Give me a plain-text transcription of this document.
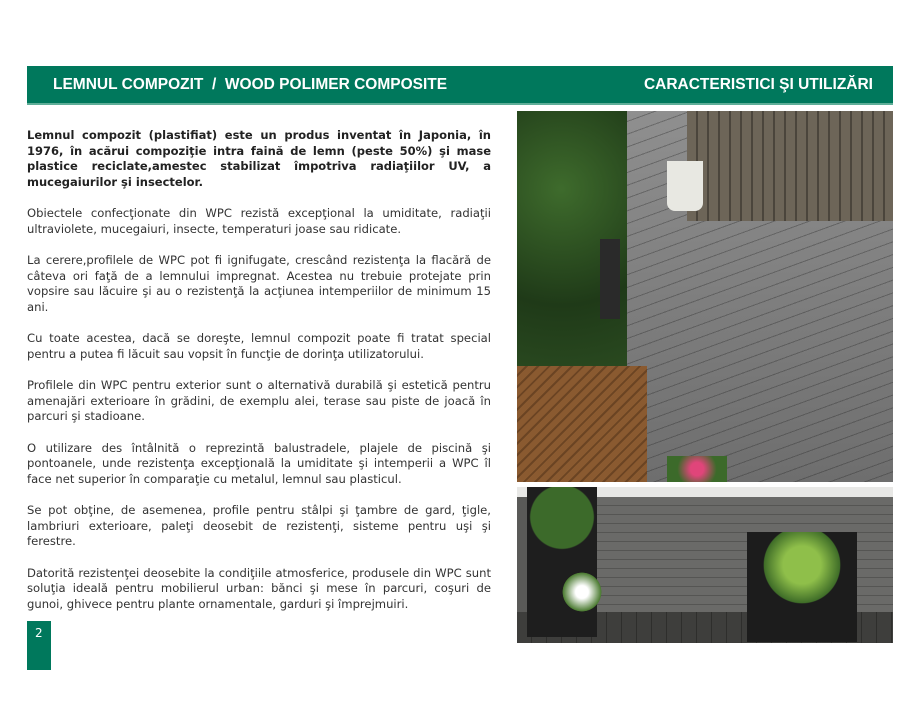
LEMNUL COMPOZIT  /  WOOD POLIMER COMPOSITE	CARACTERISTICI ŞI UTILIZĂRI

Lemnul compozit (plastifiat) este un produs inventat în Japonia, în 1976, în acărui compoziţie intra faină de lemn (peste 50%) şi mase plastice reciclate,amestec stabilizat împotriva radiaţiilor UV, a mucegaiurilor şi insectelor.

Obiectele confecţionate din WPC rezistă excepţional la umiditate, radiaţii ultraviolete, mucegaiuri, insecte, temperaturi joase sau ridicate.

La cerere,profilele de WPC pot fi ignifugate, crescând rezistenţa la flacără de câteva ori faţă de a lemnului impregnat. Acestea nu trebuie protejate prin vopsire sau lăcuire şi au o rezistenţă la acţiunea intemperiilor de minimum 15 ani.

Cu toate acestea, dacă se doreşte, lemnul compozit poate fi tratat special pentru a putea fi lăcuit sau vopsit în funcţie de dorinţa utilizatorului.

Profilele din WPC pentru exterior sunt o alternativă durabilă şi estetică pentru amenajări exterioare în grădini, de exemplu alei, terase sau piste de joacă în parcuri şi stadioane.

O utilizare des întâlnită o reprezintă balustradele, plajele de piscină şi pontoanele, unde rezistenţa excepţională la umiditate şi intemperii a WPC îl face net superior în comparaţie cu metalul, lemnul sau plasticul.

Se pot obţine, de asemenea, profile pentru stâlpi şi ţambre de gard, ţigle, lambriuri exterioare, paleţi deosebit de rezistenţi, sisteme pentru uşi şi ferestre.

Datorită rezistenţei deosebite la condiţiile atmosferice, produsele din WPC sunt soluţia ideală pentru mobilierul urban: bănci şi mese în parcuri, coşuri de gunoi, ghivece pentru plante ornamentale, garduri şi împrejmuiri.

2
